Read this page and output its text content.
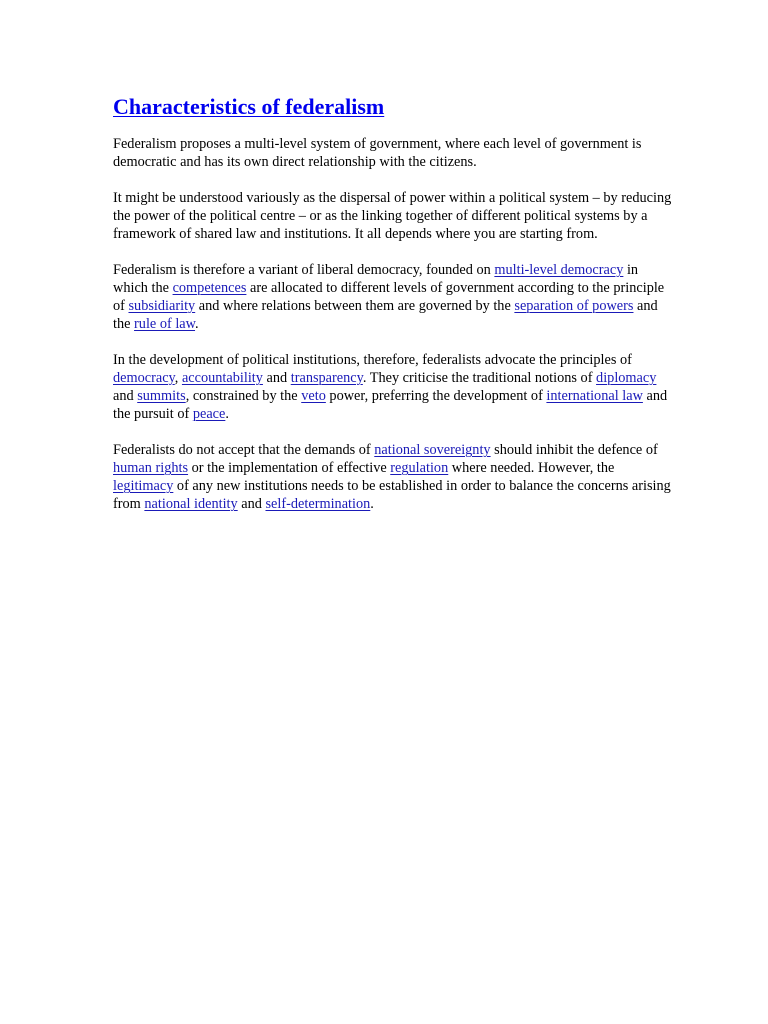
Characteristics of federalism

Federalism proposes a multi-level system of government, where each level of government is democratic and has its own direct relationship with the citizens.

It might be understood variously as the dispersal of power within a political system – by reducing the power of the political centre – or as the linking together of different political systems by a framework of shared law and institutions. It all depends where you are starting from.

Federalism is therefore a variant of liberal democracy, founded on multi-level democracy in which the competences are allocated to different levels of government according to the principle of subsidiarity and where relations between them are governed by the separation of powers and the rule of law.

In the development of political institutions, therefore, federalists advocate the principles of democracy, accountability and transparency. They criticise the traditional notions of diplomacy and summits, constrained by the veto power, preferring the development of international law and the pursuit of peace.

Federalists do not accept that the demands of national sovereignty should inhibit the defence of human rights or the implementation of effective regulation where needed. However, the legitimacy of any new institutions needs to be established in order to balance the concerns arising from national identity and self-determination.
